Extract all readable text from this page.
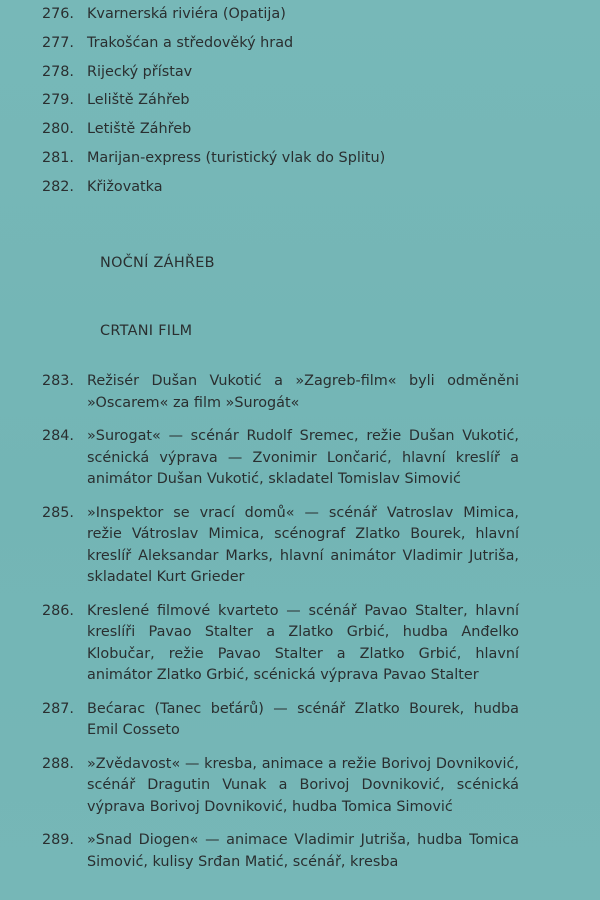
276. Kvarnerská riviéra (Opatija)
277. Trakošćan a středověký hrad
278. Rijecký přístav
279. Leliště Záhřeb
280. Letiště Záhřeb
281. Marijan-express (turistický vlak do Splitu)
282. Křižovatka
NOČNÍ ZÁHŘEB
CRTANI FILM
283. Režisér Dušan Vukotić a »Zagreb-film« byli odměněni »Oscarem« za film »Surogát«
284. »Surogat« — scénár Rudolf Sremec, režie Dušan Vukotić, scénická výprava — Zvonimir Lončarić, hlavní kreslíř a animátor Dušan Vukotić, skladatel Tomislav Simović
285. »Inspektor se vrací domů« — scénář Vatroslav Mimica, režie Vátroslav Mimica, scénograf Zlatko Bourek, hlavní kreslíř Aleksandar Marks, hlavní animátor Vladimir Jutriša, skladatel Kurt Grieder
286. Kreslené filmové kvarteto — scénář Pavao Stalter, hlavní kreslíři Pavao Stalter a Zlatko Grbić, hudba Anđelko Klobučar, režie Pavao Stalter a Zlatko Grbić, hlavní animátor Zlatko Grbić, scénická výprava Pavao Stalter
287. Bećarac (Tanec beťárů) — scénář Zlatko Bourek, hudba Emil Cosseto
288. »Zvědavost« — kresba, animace a režie Borivoj Dovniković, scénář Dragutin Vunak a Borivoj Dovniković, scénická výprava Borivoj Dovniković, hudba Tomica Simović
289. »Snad Diogen« — animace Vladimir Jutriša, hudba Tomica Simović, kulisy Srđan Matić, scénář, kresba
